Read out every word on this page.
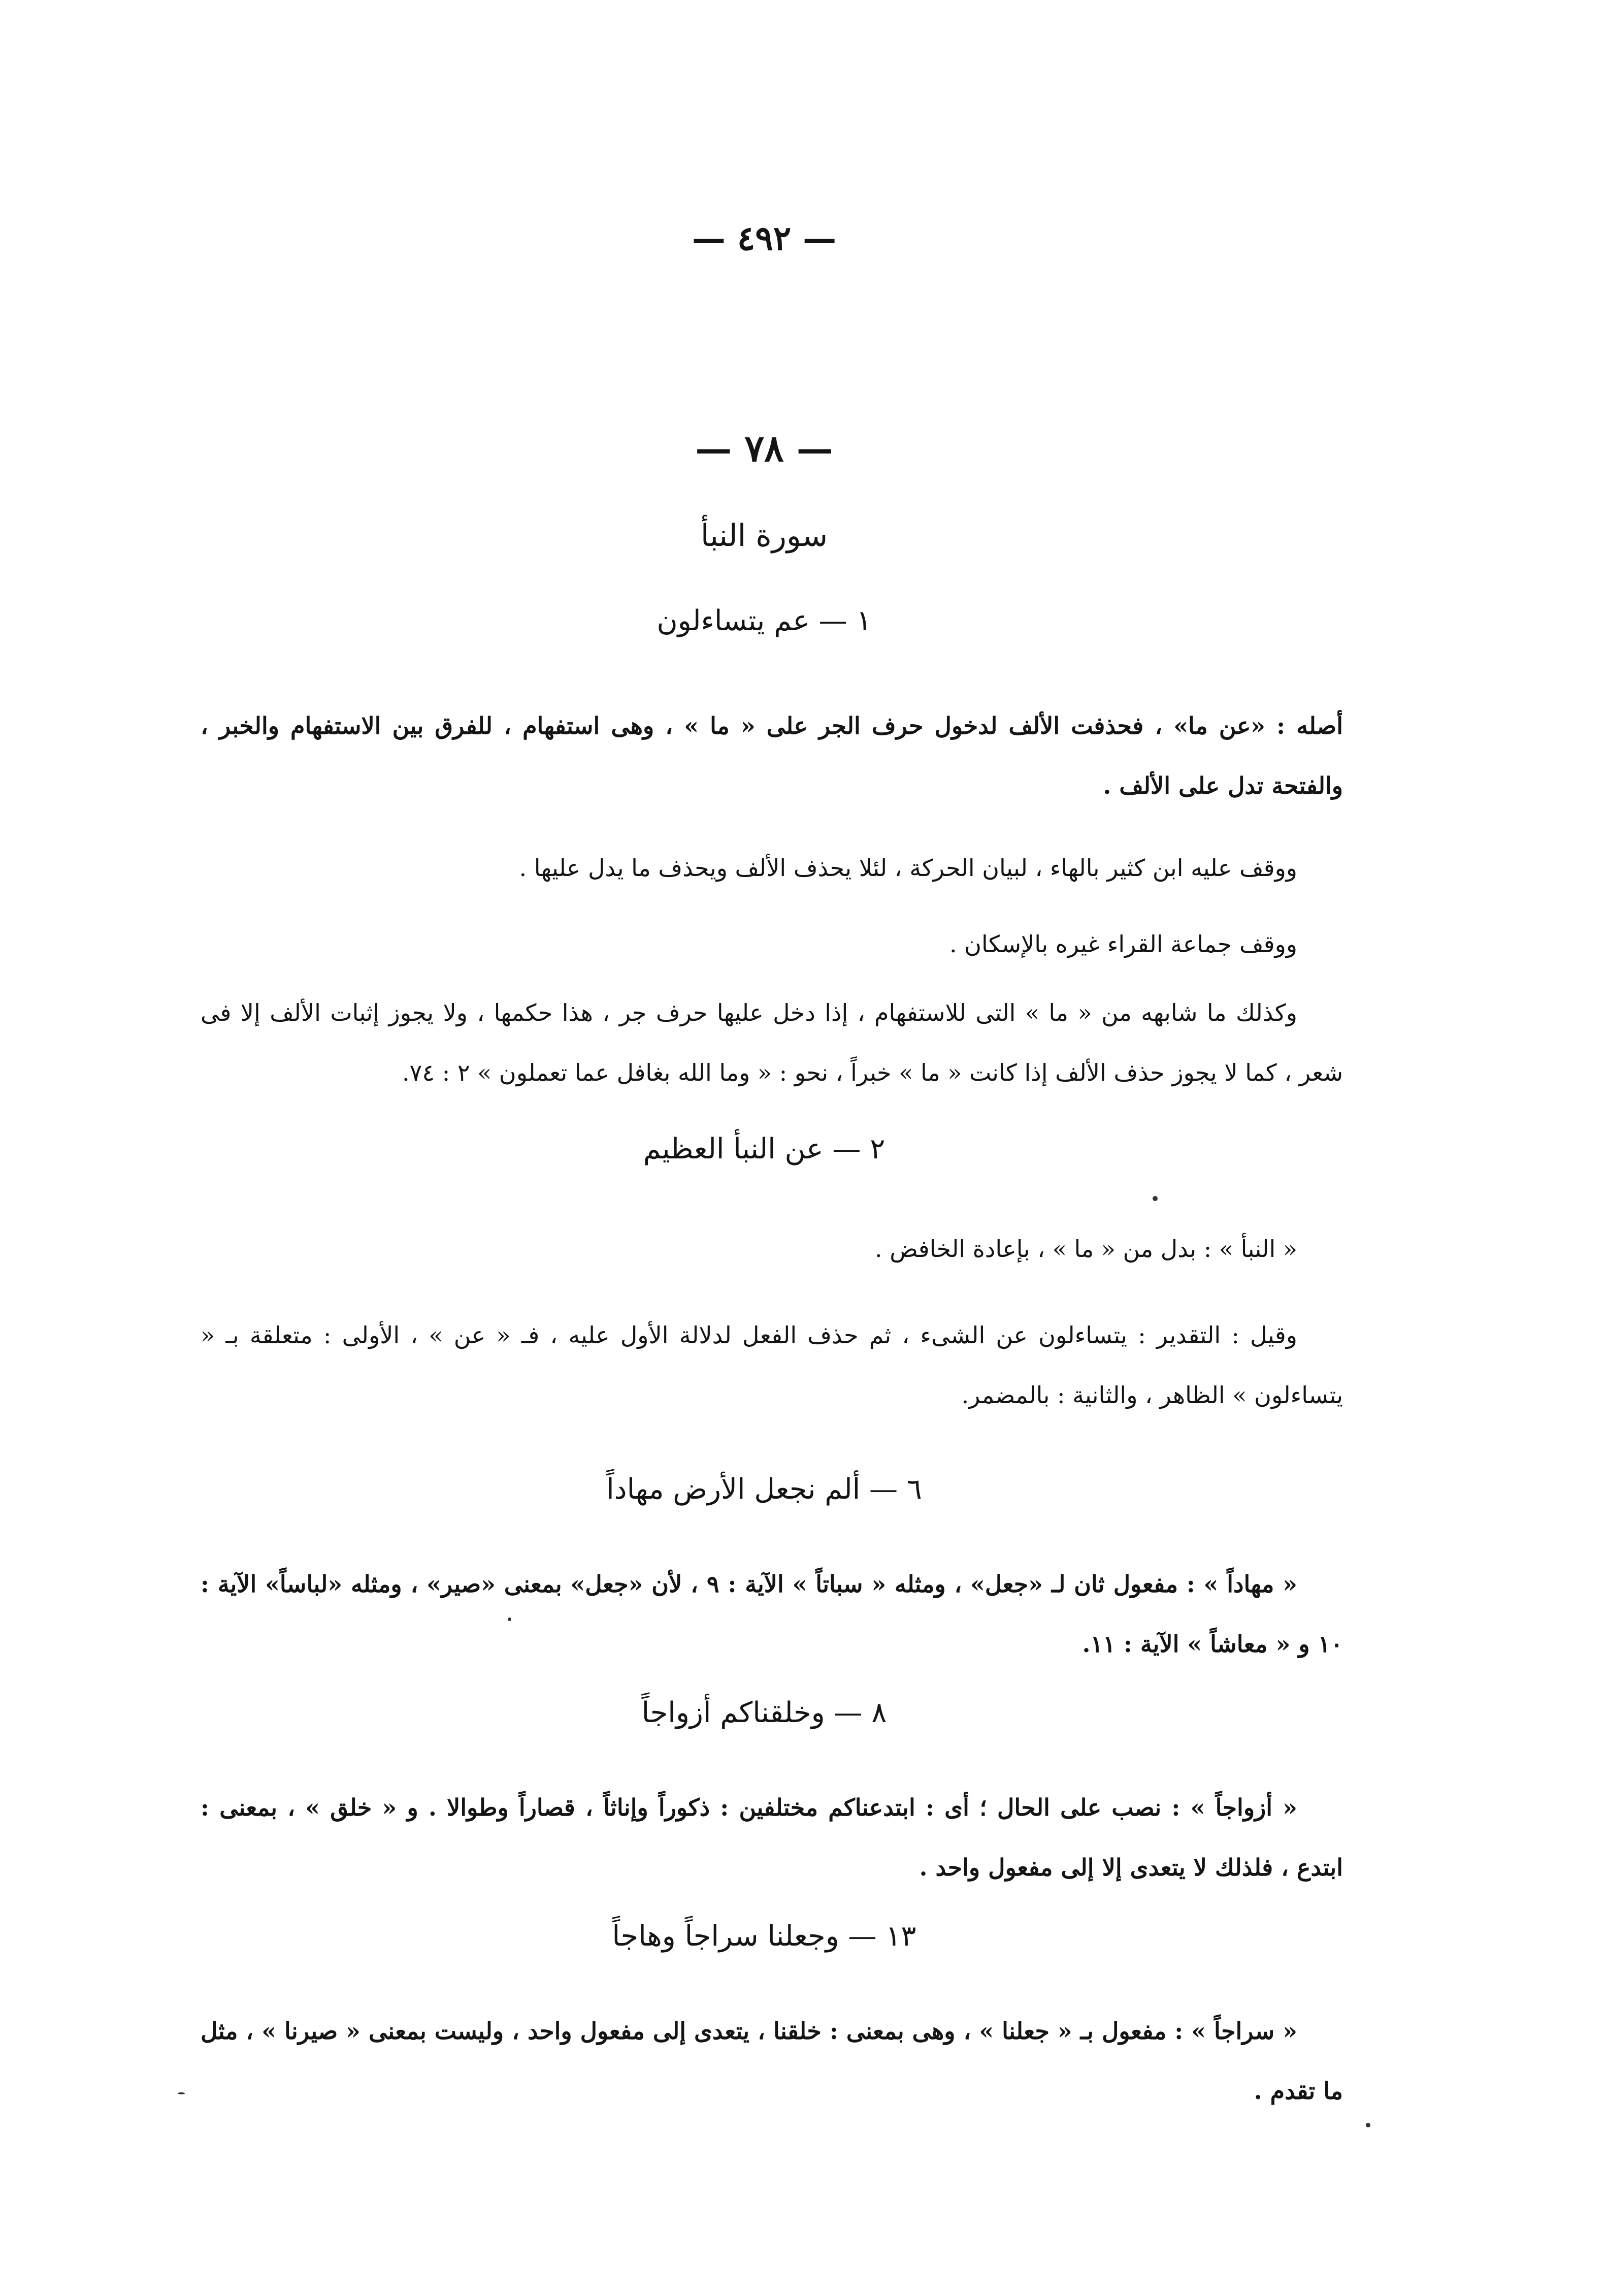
— ٤٩٢ —
— ٧٨ —
سورة النبأ
١ — عم يتساءلون
أصله : «عن ما» ، فحذفت الألف لدخول حرف الجر على « ما » ، وهى استفهام ، للفرق بين الاستفهام والخبر ، والفتحة تدل على الألف .
ووقف عليه ابن كثير بالهاء ، لبيان الحركة ، لئلا يحذف الألف ويحذف ما يدل عليها .
ووقف جماعة القراء غيره بالإسكان .
وكذلك ما شابهه من « ما » التى للاستفهام ، إذا دخل عليها حرف جر ، هذا حكمها ، ولا يجوز إثبات الألف إلا فى شعر ، كما لا يجوز حذف الألف إذا كانت « ما » خبراً ، نحو : « وما الله بغافل عما تعملون » ٢ : ٧٤.
٢ — عن النبأ العظيم
« النبأ » : بدل من « ما » ، بإعادة الخافض .
وقيل : التقدير : يتساءلون عن الشىء ، ثم حذف الفعل لدلالة الأول عليه ، فـ « عن » ، الأولى : متعلقة بـ « يتساءلون » الظاهر ، والثانية : بالمضمر.
٦ — ألم نجعل الأرض مهاداً
« مهاداً » : مفعول ثان لـ «جعل» ، ومثله « سباتاً » الآية : ٩ ، لأن «جعل» بمعنى «صير» ، ومثله «لباساً» الآية : ١٠ و « معاشاً » الآية : ١١.
٨ — وخلقناكم أزواجاً
« أزواجاً » : نصب على الحال ؛ أى : ابتدعناكم مختلفين : ذكوراً وإناثاً ، قصاراً وطوالا . و « خلق » ، بمعنى : ابتدع ، فلذلك لا يتعدى إلا إلى مفعول واحد .
١٣ — وجعلنا سراجاً وهاجاً
« سراجاً » : مفعول بـ « جعلنا » ، وهى بمعنى : خلقنا ، يتعدى إلى مفعول واحد ، وليست بمعنى « صيرنا » ، مثل ما تقدم .
